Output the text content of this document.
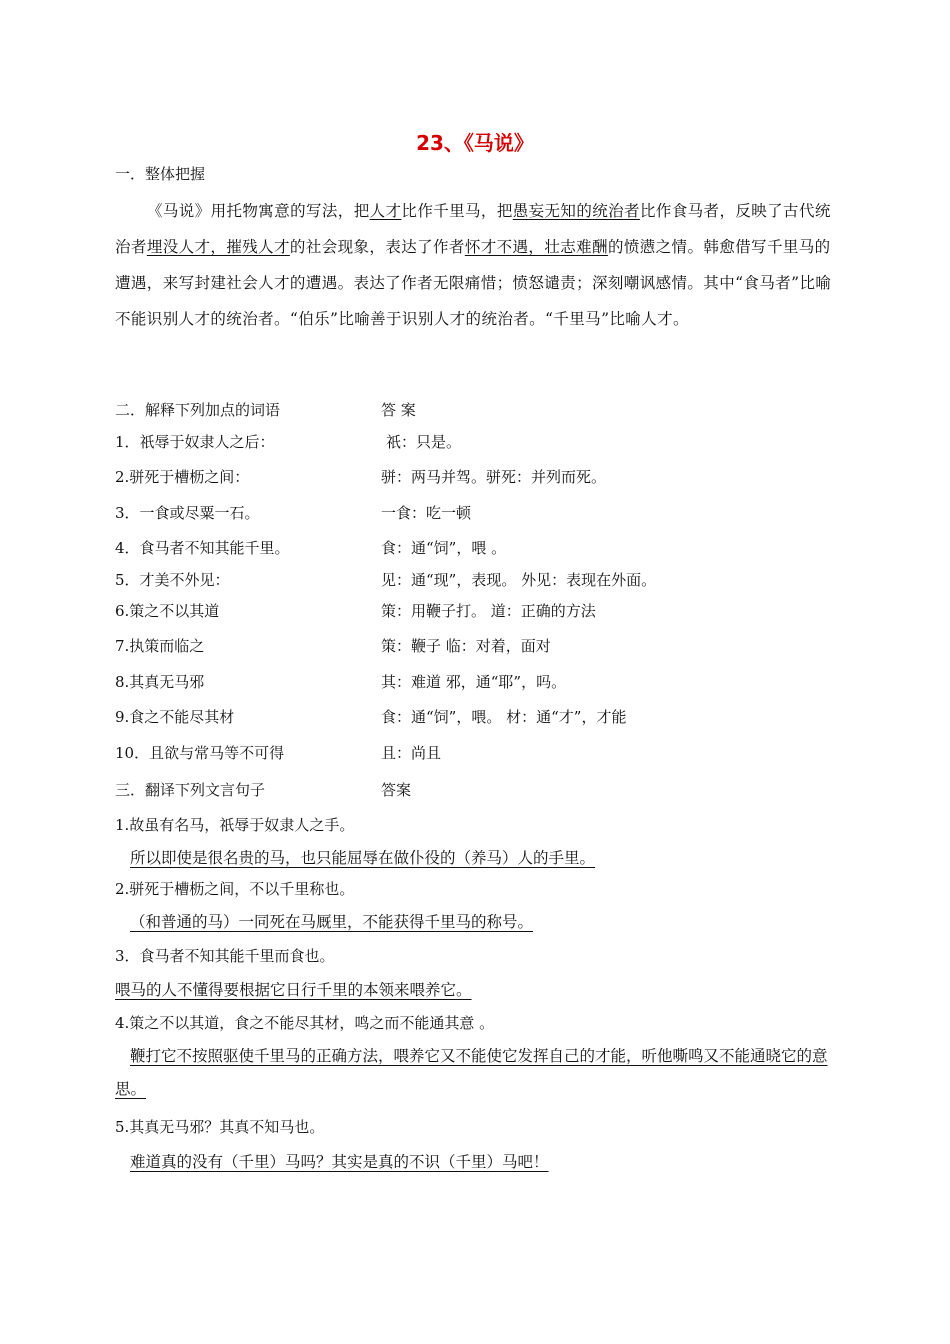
23、《马说》
一．整体把握
《马说》用托物寓意的写法，把人才比作千里马，把愚妄无知的统治者比作食马者，反映了古代统治者埋没人才，摧残人才的社会现象，表达了作者怀才不遇，壮志难酬的愤懑之情。韩愈借写千里马的遭遇，来写封建社会人才的遭遇。表达了作者无限痛惜；愤怒谴责；深刻嘲讽感情。其中“食马者”比喻不能识别人才的统治者。“伯乐”比喻善于识别人才的统治者。“千里马”比喻人才。
二．解释下列加点的词语	答 案
1．祇辱于奴隶人之后：	祇：只是。
2.骈死于槽枥之间：	骈：两马并驾。骈死：并列而死。
3．一食或尽粟一石。	一食：吃一顿
4．食马者不知其能千里。	食：通“饲”，喂 。
5．才美不外见：	见：通“现”，表现。 外见：表现在外面。
6.策之不以其道	策：用鞭子打。 道：正确的方法
7.执策而临之	策：鞭子 临：对着，面对
8.其真无马邪	其：难道 邪，通“耶”，吗。
9.食之不能尽其材	食：通“饲”，喂。 材：通“才”，才能
10．且欲与常马等不可得	且：尚且
三．翻译下列文言句子	答案
1.故虽有名马，祇辱于奴隶人之手。
所以即使是很名贵的马，也只能屈辱在做仆役的（养马）人的手里。
2.骈死于槽枥之间，不以千里称也。
（和普通的马）一同死在马厩里，不能获得千里马的称号。
3．食马者不知其能千里而食也。
喂马的人不懂得要根据它日行千里的本领来喂养它。
4.策之不以其道，食之不能尽其材，鸣之而不能通其意 。
鞭打它不按照驱使千里马的正确方法，喂养它又不能使它发挥自己的才能，听他嘶鸣又不能通晓它的意思。
5.其真无马邪？其真不知马也。
难道真的没有（千里）马吗？其实是真的不识（千里）马吧！
